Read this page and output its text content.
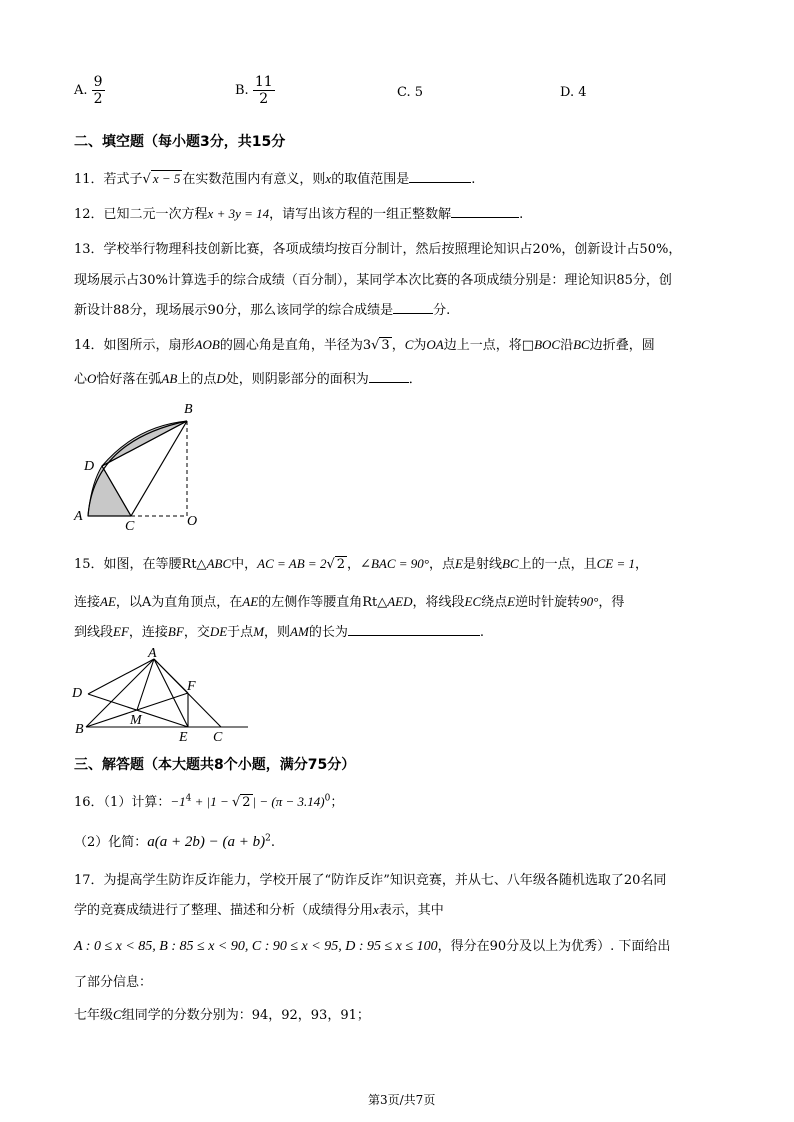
A. $\frac{9}{2}$	B. $\frac{11}{2}$	C. 5	D. 4
二、填空题（每小题3分，共15分
11．若式子√ x − 5 在实数范围内有意义，则x的取值范围是	.
12．已知二元一次方程x + 3y = 14，请写出该方程的一组正整数解	.
13．学校举行物理科技创新比赛，各项成绩均按百分制计，然后按照理论知识占20%，创新设计占50%，
现场展示占30%计算选手的综合成绩（百分制），某同学本次比赛的各项成绩分别是：理论知识85分，创
新设计88分，现场展示90分，那么该同学的综合成绩是	分.
14．如图所示，扇形AOB的圆心角是直角，半径为3√ 3 ，C为OA边上一点，将□BOC沿BC边折叠，圆
心O恰好落在弧AB上的点D处，则阴影部分的面积为	．
B
D
A
C	O
15．如图，在等腰Rt△ABC中，AC = AB = 2√ 2 ，∠BAC = 90°，点E是射线BC上的一点，且CE = 1，
连接AE，以A为直角顶点，在AE的左侧作等腰直角Rt△AED，将线段EC绕点E逆时针旋转90°，得
到线段EF，连接BF，交DE于点M，则AM的长为	.
A
D	F
B
M
E C
三、解答题（本大题共8个小题，满分75分）
16．（1）计算：$-1^4 + |1$ − √ 2 | − $(\pi - 3.14)^0$；
（2）化简：$a(a + 2b) - (a + b)^2$.
17．为提高学生防诈反诈能力，学校开展了“防诈反诈”知识竞赛，并从七、八年级各随机选取了20名同
学的竞赛成绩进行了整理、描述和分析（成绩得分用x表示，其中
A : 0 ≤ x < 85, B : 85 ≤ x < 90, C : 90 ≤ x < 95, D : 95 ≤ x ≤ 100，得分在90分及以上为优秀）. 下面给出
了部分信息：
七年级C组同学的分数分别为：94，92，93，91；
第3页/共7页
